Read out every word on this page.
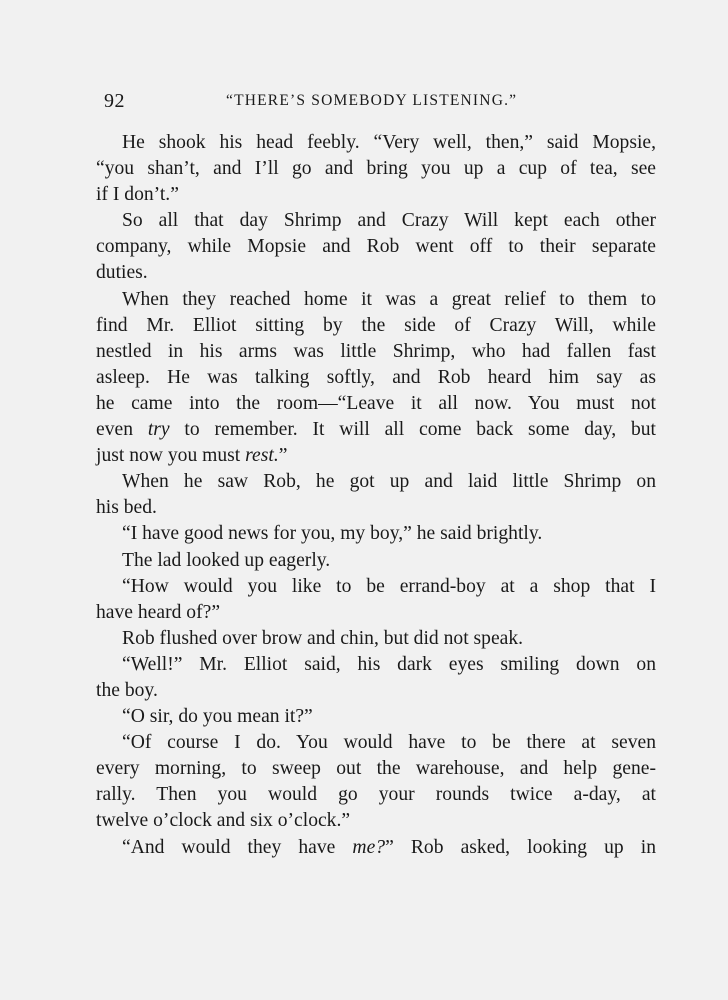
92	“THERE’S SOMEBODY LISTENING.”
He shook his head feebly. “Very well, then,” said Mopsie,
“you shan’t, and I’ll go and bring you up a cup of tea, see
if I don’t.”
So all that day Shrimp and Crazy Will kept each other
company, while Mopsie and Rob went off to their separate
duties.
When they reached home it was a great relief to them to
find Mr. Elliot sitting by the side of Crazy Will, while
nestled in his arms was little Shrimp, who had fallen fast
asleep. He was talking softly, and Rob heard him say as
he came into the room—“Leave it all now. You must not
even try to remember. It will all come back some day, but
just now you must rest.”
When he saw Rob, he got up and laid little Shrimp on
his bed.
“I have good news for you, my boy,” he said brightly.
The lad looked up eagerly.
“How would you like to be errand-boy at a shop that I
have heard of?”
Rob flushed over brow and chin, but did not speak.
“Well!” Mr. Elliot said, his dark eyes smiling down on
the boy.
“O sir, do you mean it?”
“Of course I do. You would have to be there at seven
every morning, to sweep out the warehouse, and help gene-
rally. Then you would go your rounds twice a-day, at
twelve o’clock and six o’clock.”
“And would they have me?” Rob asked, looking up in
